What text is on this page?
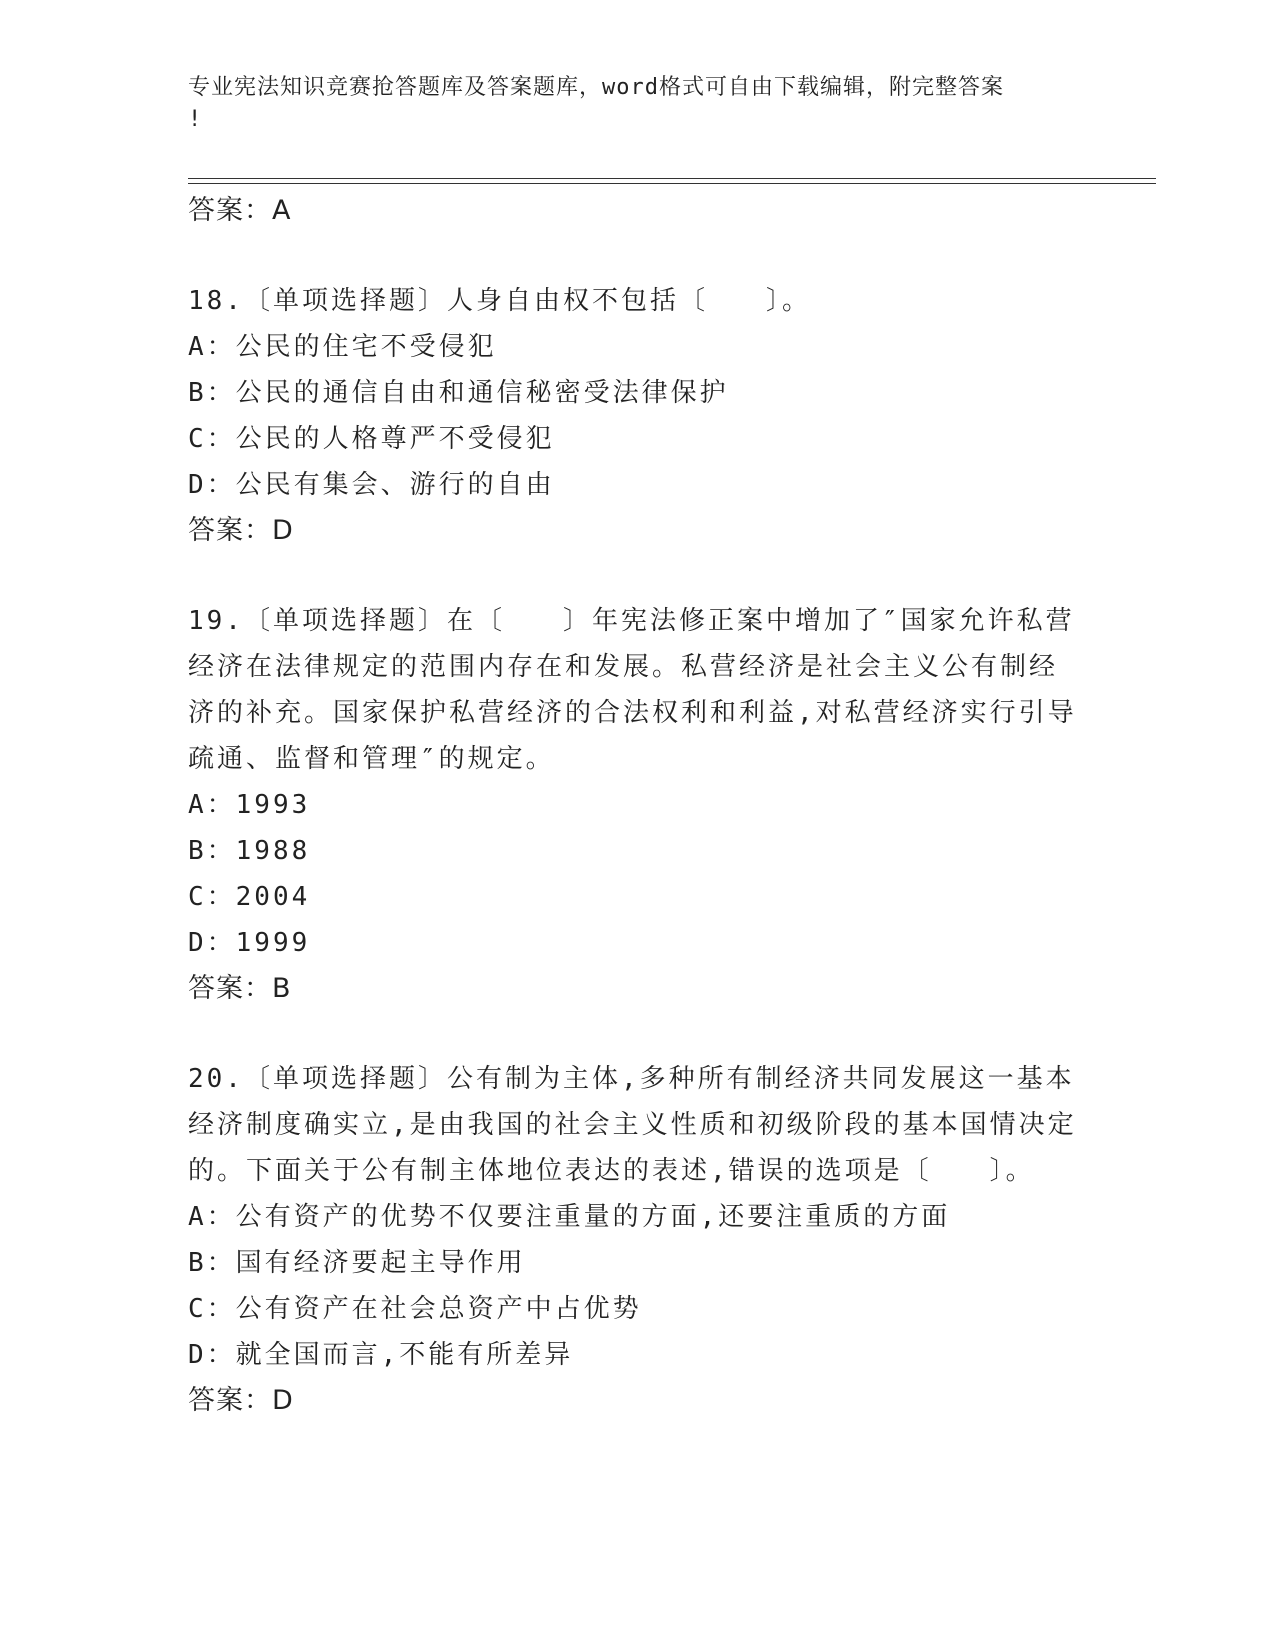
专业宪法知识竞赛抢答题库及答案题库，word格式可自由下载编辑，附完整答案
!

答案：A

18.〔单项选择题〕人身自由权不包括〔　　〕。

A：公民的住宅不受侵犯

B：公民的通信自由和通信秘密受法律保护

C：公民的人格尊严不受侵犯

D：公民有集会、游行的自由

答案：D

19.〔单项选择题〕在〔　　〕年宪法修正案中增加了″国家允许私营

经济在法律规定的范围内存在和发展。私营经济是社会主义公有制经

济的补充。国家保护私营经济的合法权利和利益,对私营经济实行引导

疏通、监督和管理″的规定。

A：1993

B：1988

C：2004

D：1999

答案：B

20.〔单项选择题〕公有制为主体,多种所有制经济共同发展这一基本

经济制度确实立,是由我国的社会主义性质和初级阶段的基本国情决定

的。下面关于公有制主体地位表达的表述,错误的选项是〔　　〕。

A：公有资产的优势不仅要注重量的方面,还要注重质的方面

B：国有经济要起主导作用

C：公有资产在社会总资产中占优势

D：就全国而言,不能有所差异

答案：D
